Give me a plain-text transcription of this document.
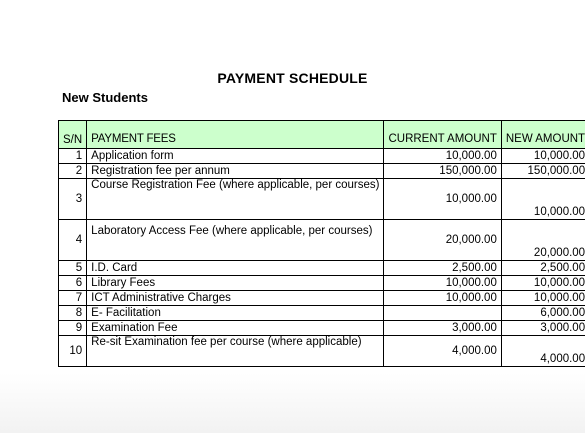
PAYMENT SCHEDULE
New Students
S/N	PAYMENT FEES	CURRENT AMOUNT	NEW AMOUNT
1	Application form	10,000.00	10,000.00
2	Registration fee per annum	150,000.00	150,000.00
3	Course Registration Fee (where applicable, per courses)	10,000.00	10,000.00
4	Laboratory Access Fee (where applicable, per courses)	20,000.00	20,000.00
5	I.D. Card	2,500.00	2,500.00
6	Library Fees	10,000.00	10,000.00
7	ICT Administrative Charges	10,000.00	10,000.00
8	E- Facilitation		6,000.00
9	Examination Fee	3,000.00	3,000.00
10	Re-sit Examination fee per course (where applicable)	4,000.00	4,000.00
